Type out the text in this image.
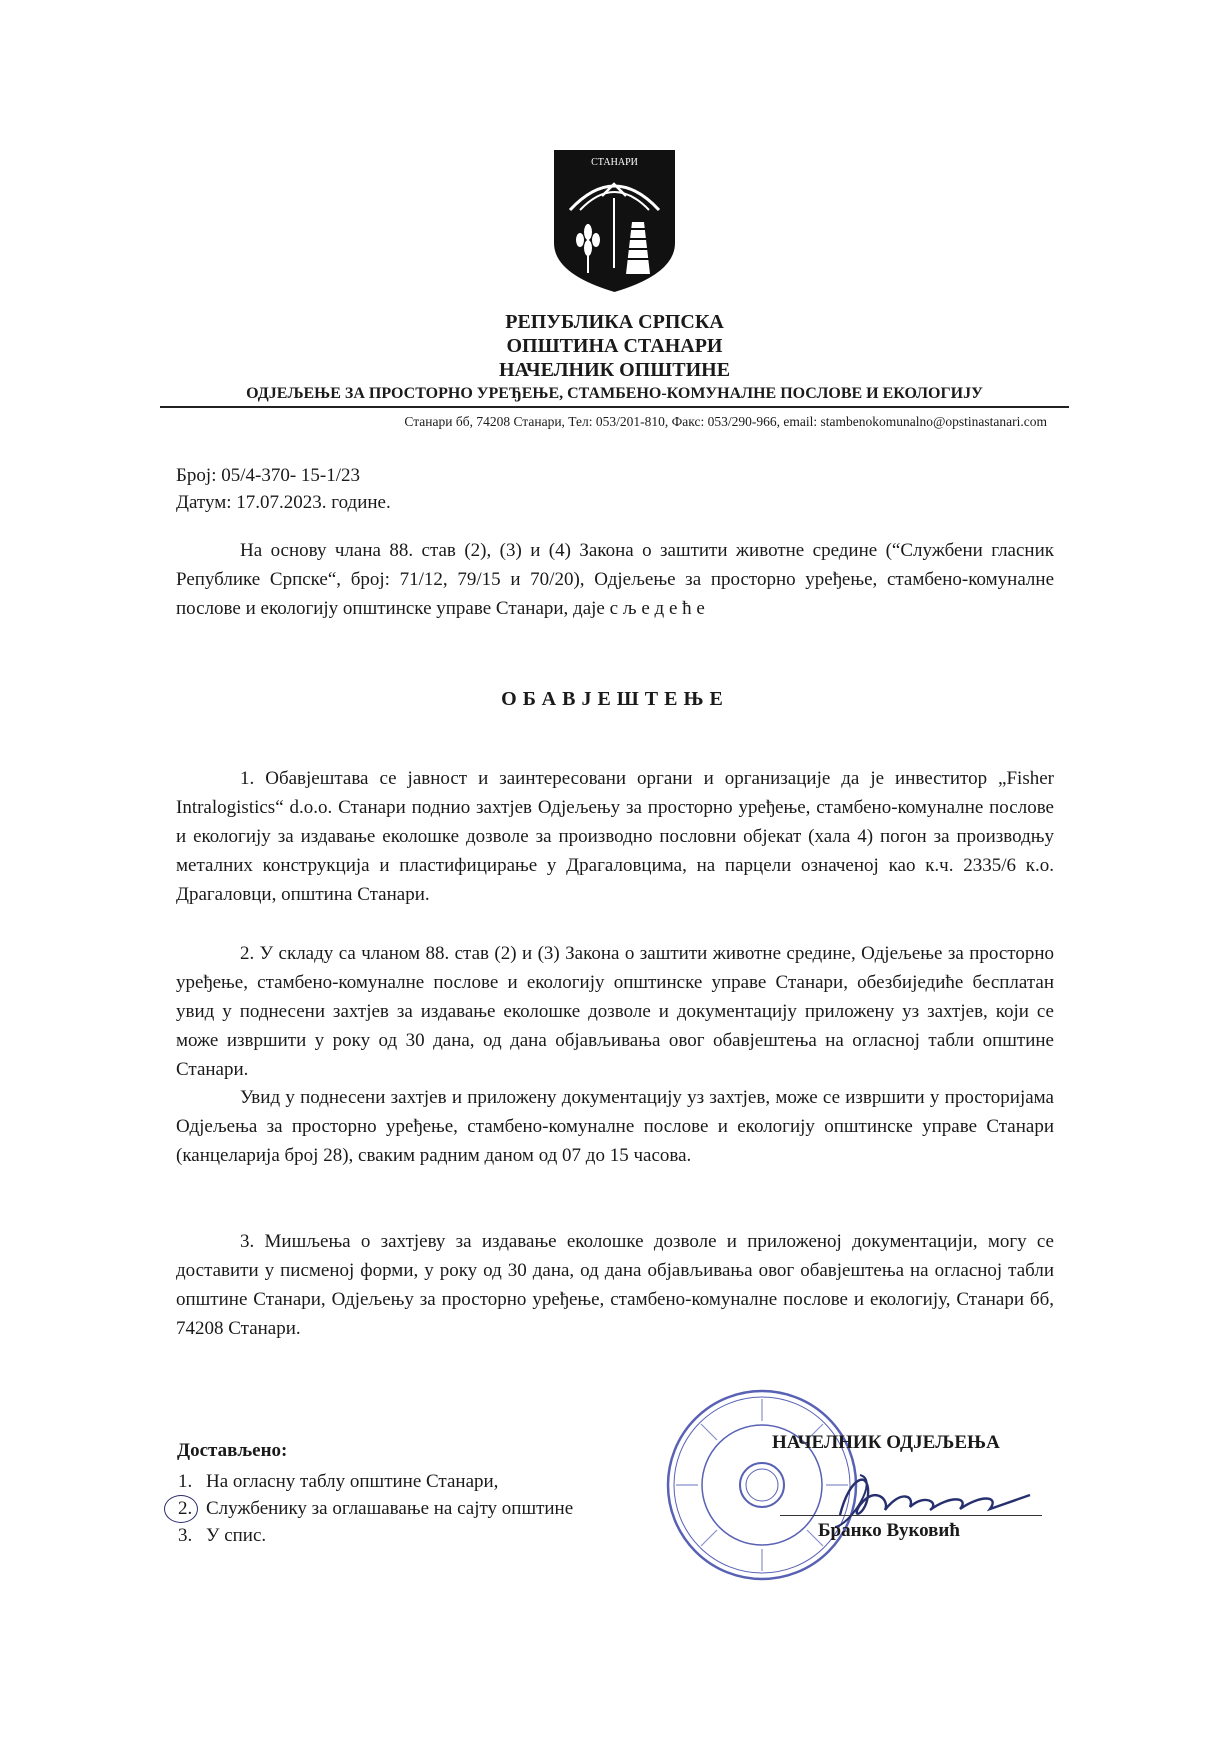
СТАНАРИ
РЕПУБЛИКА СРПСКА
ОПШТИНА СТАНАРИ
НАЧЕЛНИК ОПШТИНЕ
ОДЈЕЉЕЊЕ ЗА ПРОСТОРНО УРЕЂЕЊЕ, СТАМБЕНО-КОМУНАЛНЕ ПОСЛОВЕ И ЕКОЛОГИЈУ
Станари бб, 74208 Станари, Тел: 053/201-810, Факс: 053/290-966, email: stambenokomunalno@opstinastanari.com
Број: 05/4-370- 15-1/23
Датум: 17.07.2023. године.
На основу члана 88. став (2), (3) и (4) Закона о заштити животне средине (“Службени гласник Републике Српске“, број: 71/12, 79/15 и 70/20), Одјељење за просторно уређење, стамбено-комуналне послове и екологију општинске управе Станари, даје с љ е д е ћ е
ОБАВЈЕШТЕЊЕ
1. Обавјештава се јавност и заинтересовани органи и организације да је инвеститор „Fisher Intralogistics“ d.o.o. Станари поднио захтјев Одјељењу за просторно уређење, стамбено-комуналне послове и екологију за издавање еколошке дозволе за производно пословни објекат (хала 4) погон за производњу металних конструкција и пластифицирање у Драгаловцима, на парцели означеној као к.ч. 2335/6 к.о. Драгаловци, општина Станари.
2. У складу са чланом 88. став (2) и (3) Закона о заштити животне средине, Одјељење за просторно уређење, стамбено-комуналне послове и екологију општинске управе Станари, обезбиједиће бесплатан увид у поднесени захтјев за издавање еколошке дозволе и документацију приложену уз захтјев, који се може извршити у року од 30 дана, од дана објављивања овог обавјештења на огласној табли општине Станари.
Увид у поднесени захтјев и приложену документацију уз захтјев, може се извршити у просторијама Одјељења за просторно уређење, стамбено-комуналне послове и екологију општинске управе Станари (канцеларија број 28), сваким радним даном од 07 до 15 часова.
3. Мишљења о захтјеву за издавање еколошке дозволе и приложеној документацији, могу се доставити у писменој форми, у року од 30 дана, од дана објављивања овог обавјештења на огласној табли општине Станари, Одјељењу за просторно уређење, стамбено-комуналне послове и екологију, Станари бб, 74208 Станари.
Достављено:
1. На огласну таблу општине Станари,
2. Службенику за оглашавање на сајту општине
3. У спис.
НАЧЕЛНИК ОДЈЕЉЕЊА
Бранко Вуковић
